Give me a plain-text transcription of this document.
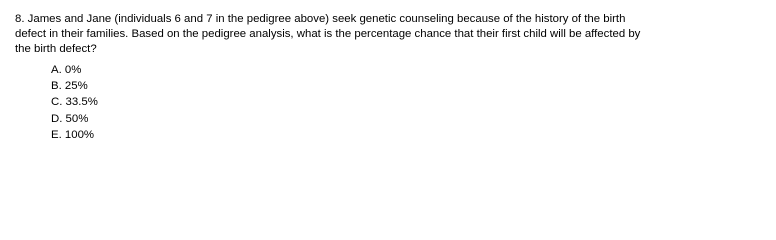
8. James and Jane (individuals 6 and 7 in the pedigree above) seek genetic counseling because of the history of the birth
defect in their families. Based on the pedigree analysis, what is the percentage chance that their first child will be affected by
the birth defect?
A. 0%
B. 25%
C. 33.5%
D. 50%
E. 100%
